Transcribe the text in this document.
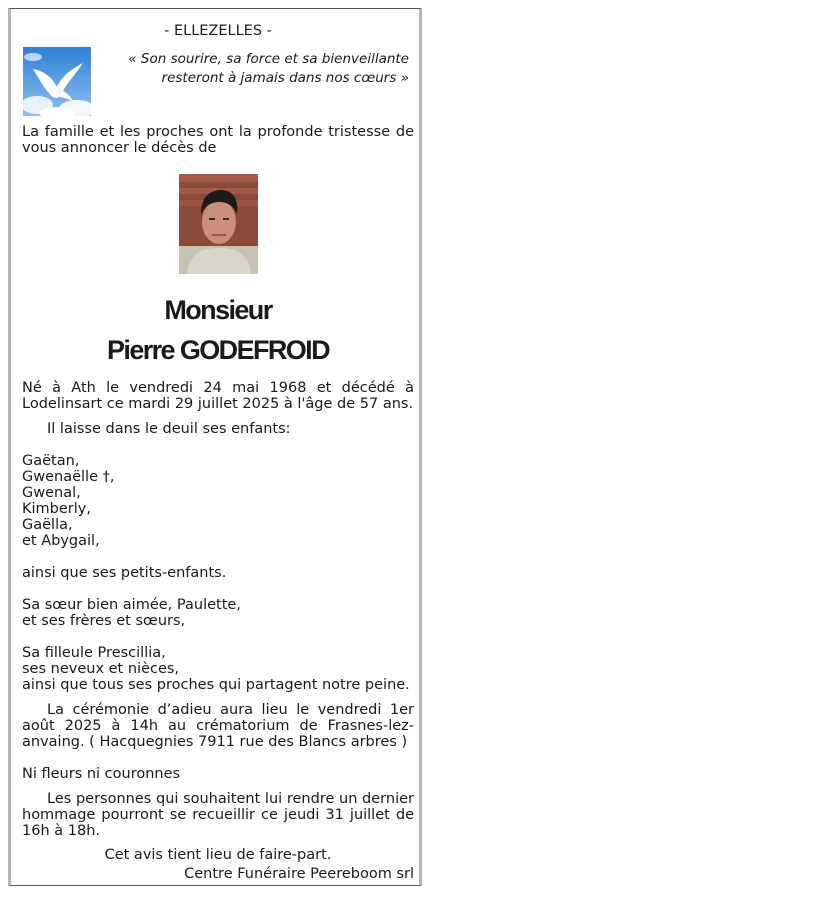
- ELLEZELLES -
« Son sourire, sa force et sa bienveillante
resteront à jamais dans nos cœurs »
La famille et les proches ont la profonde tristesse de vous annoncer le décès de
Monsieur
Pierre GODEFROID
Né à Ath le vendredi 24 mai 1968 et décédé à Lodelinsart ce mardi 29 juillet 2025 à l'âge de 57 ans.
Il laisse dans le deuil ses enfants:
Gaëtan,
Gwenaëlle †,
Gwenal,
Kimberly,
Gaëlla,
et Abygail,
ainsi que ses petits-enfants.
Sa sœur bien aimée, Paulette,
et ses frères et sœurs,
Sa filleule Prescillia,
ses neveux et nièces,
ainsi que tous ses proches qui partagent notre peine.
La cérémonie d’adieu aura lieu le vendredi 1er août 2025 à 14h au crématorium de Frasnes-lez-anvaing. ( Hacquegnies 7911 rue des Blancs arbres )
Ni fleurs ni couronnes
Les personnes qui souhaitent lui rendre un dernier hommage pourront se recueillir ce jeudi 31 juillet de 16h à 18h.
Cet avis tient lieu de faire-part.
Centre Funéraire Peereboom srl
